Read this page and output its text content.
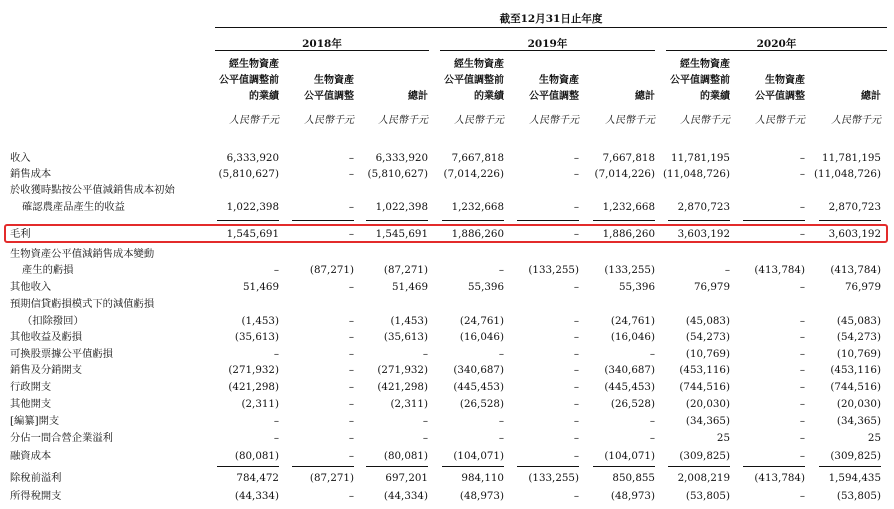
截至12月31日止年度
2018年	2019年	2020年
經生物資產
公平值調整前
的業績
生物資產
公平值調整	總計
經生物資產
公平值調整前
的業績
生物資產
公平值調整	總計
經生物資產
公平值調整前
的業績
生物資產
公平值調整	總計
人民幣千元	人民幣千元	人民幣千元	人民幣千元	人民幣千元	人民幣千元	人民幣千元	人民幣千元	人民幣千元
收入	6,333,920	–	6,333,920	7,667,818	–	7,667,818	11,781,195	–	11,781,195
銷售成本	(5,810,627)	–	(5,810,627)	(7,014,226)	–	(7,014,226) (11,048,726)	– (11,048,726)
於收獲時點按公平值減銷售成本初始
確認農產品產生的收益	1,022,398	–	1,022,398	1,232,668	–	1,232,668	2,870,723	–	2,870,723
毛利	1,545,691	–	1,545,691	1,886,260	–	1,886,260	3,603,192	–	3,603,192
生物資產公平值減銷售成本變動
產生的虧損	–	(87,271)	(87,271)	–	(133,255)	(133,255)	–	(413,784)	(413,784)
其他收入	51,469	–	51,469	55,396	–	55,396	76,979	–	76,979
預期信貸虧損模式下的減值虧損
（扣除撥回）	(1,453)	–	(1,453)	(24,761)	–	(24,761)	(45,083)	–	(45,083)
其他收益及虧損	(35,613)	–	(35,613)	(16,046)	–	(16,046)	(54,273)	–	(54,273)
可換股票據公平值虧損	–	–	–	–	–	–	(10,769)	–	(10,769)
銷售及分銷開支	(271,932)	–	(271,932)	(340,687)	–	(340,687)	(453,116)	–	(453,116)
行政開支	(421,298)	–	(421,298)	(445,453)	–	(445,453)	(744,516)	–	(744,516)
其他開支	(2,311)	–	(2,311)	(26,528)	–	(26,528)	(20,030)	–	(20,030)
[編纂]開支	–	–	–	–	–	–	(34,365)	–	(34,365)
分佔一間合營企業溢利	–	–	–	–	–	–	25	–	25
融資成本	(80,081)	–	(80,081)	(104,071)	–	(104,071)	(309,825)	–	(309,825)
除稅前溢利	784,472	(87,271)	697,201	984,110	(133,255)	850,855	2,008,219	(413,784)	1,594,435
所得稅開支	(44,334)	–	(44,334)	(48,973)	–	(48,973)	(53,805)	–	(53,805)
